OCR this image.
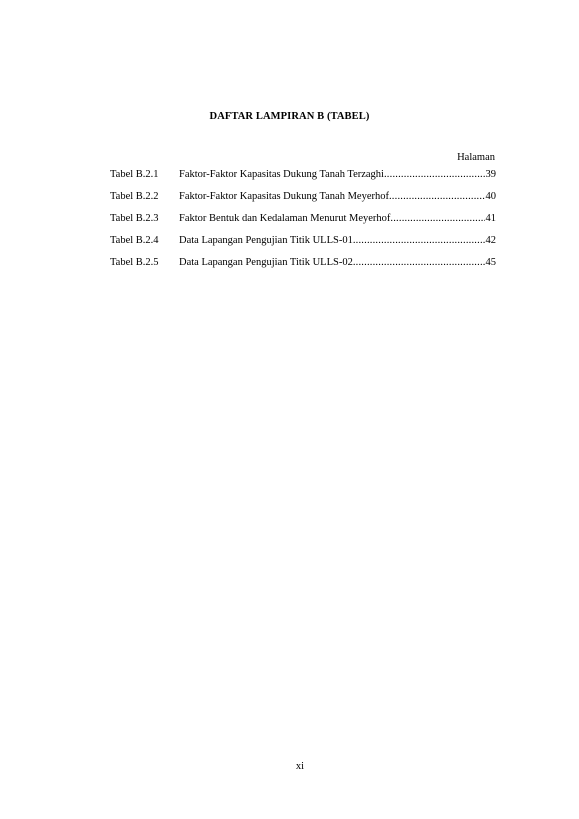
DAFTAR LAMPIRAN B (TABEL)
Halaman
Tabel B.2.1	Faktor-Faktor Kapasitas Dukung Tanah Terzaghi .....	39
Tabel B.2.2	Faktor-Faktor Kapasitas Dukung Tanah Meyerhof .....	40
Tabel B.2.3	Faktor Bentuk dan Kedalaman Menurut Meyerhof .....	41
Tabel B.2.4	Data Lapangan Pengujian Titik ULLS-01 .....	42
Tabel B.2.5	Data Lapangan Pengujian Titik ULLS-02 .....	45
xi
